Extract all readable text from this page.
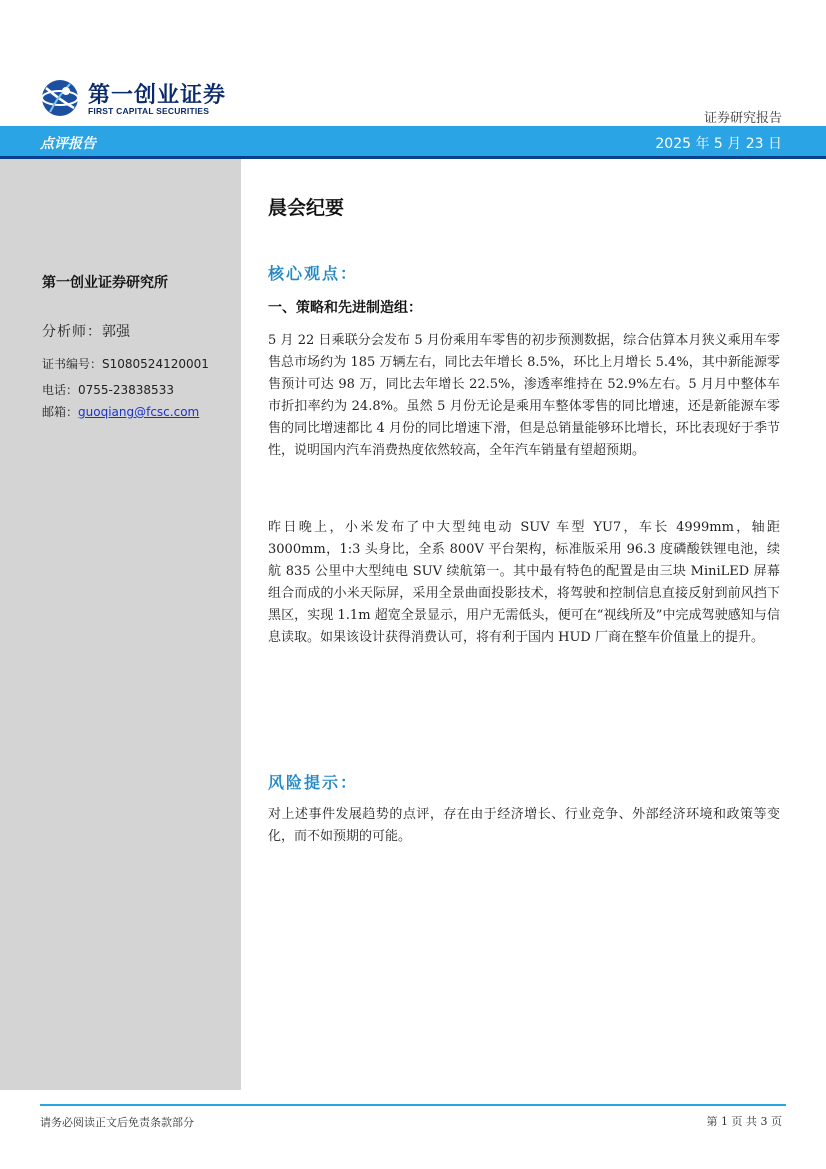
第一创业证券
FIRST CAPITAL SECURITIES	证券研究报告
点评报告	2025 年 5 月 23 日
第一创业证券研究所
分析师：郭强
证书编号：S1080524120001
电话：0755-23838533
邮箱：guoqiang@fcsc.com
晨会纪要
核心观点：
一、策略和先进制造组：

5 月 22 日乘联分会发布 5 月份乘用车零售的初步预测数据，综合估算本月狭义乘用车零售总市场约为 185 万辆左右，同比去年增长 8.5%，环比上月增长 5.4%，其中新能源零售预计可达 98 万，同比去年增长 22.5%，渗透率维持在 52.9%左右。5 月月中整体车市折扣率约为 24.8%。虽然 5 月份无论是乘用车整体零售的同比增速，还是新能源车零售的同比增速都比 4 月份的同比增速下滑，但是总销量能够环比增长，环比表现好于季节性，说明国内汽车消费热度依然较高，全年汽车销量有望超预期。

昨日晚上，小米发布了中大型纯电动 SUV 车型 YU7，车长 4999mm，轴距 3000mm，1:3 头身比，全系 800V 平台架构，标准版采用 96.3 度磷酸铁锂电池，续航 835 公里中大型纯电 SUV 续航第一。其中最有特色的配置是由三块 MiniLED 屏幕组合而成的小米天际屏，采用全景曲面投影技术，将驾驶和控制信息直接反射到前风挡下黑区，实现 1.1m 超宽全景显示，用户无需低头，便可在“视线所及”中完成驾驶感知与信息读取。如果该设计获得消费认可，将有利于国内 HUD 厂商在整车价值量上的提升。

风险提示：

对上述事件发展趋势的点评，存在由于经济增长、行业竞争、外部经济环境和政策等变化，而不如预期的可能。

请务必阅读正文后免责条款部分	第 1 页 共 3 页
